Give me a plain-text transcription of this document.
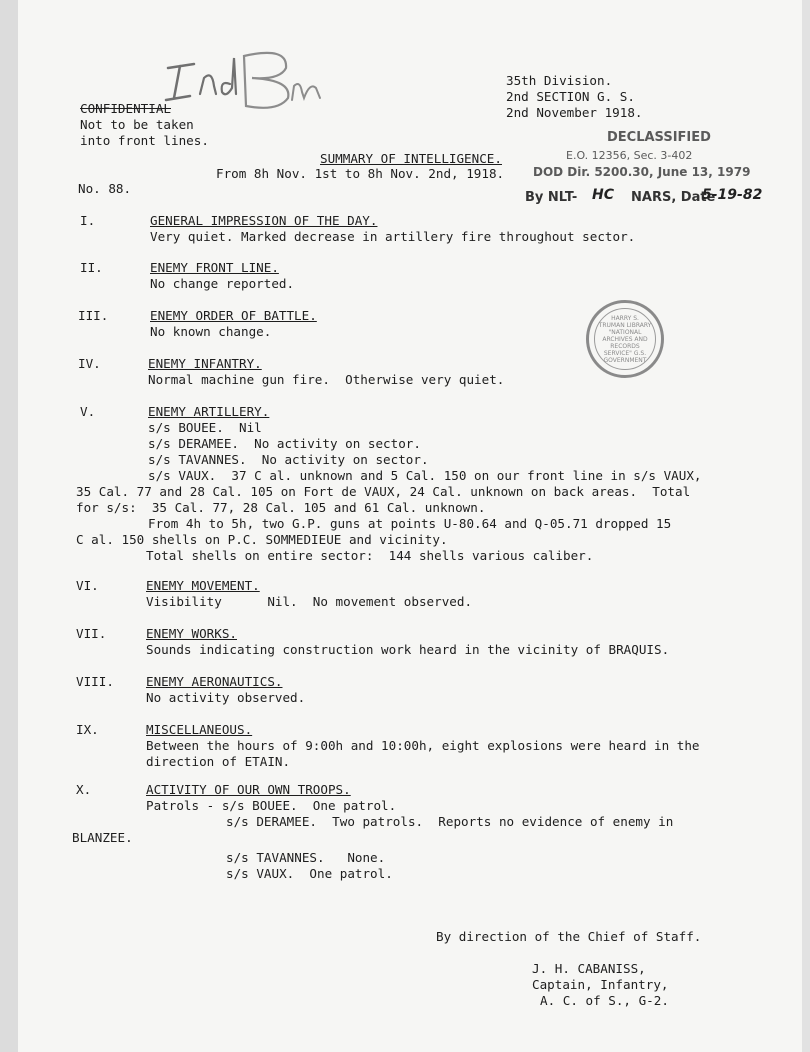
2nd Bn
35th Division.
2nd SECTION G. S.
2nd November 1918.
CONFIDENTIAL
Not to be taken
into front lines.	DECLASSIFIED
E.O. 12356, Sec. 3-402
DOD Dir. 5200.30, June 13, 1979
By NLT- HC NARS, Date
5-19-82
SUMMARY OF INTELLIGENCE.
From 8h Nov. 1st to 8h Nov. 2nd, 1918.
No. 88.
HARRY S. TRUMAN LIBRARY "NATIONAL ARCHIVES AND RECORDS SERVICE" G.S. GOVERNMENT
I.	GENERAL IMPRESSION OF THE DAY.
Very quiet. Marked decrease in artillery fire throughout sector.
II.	ENEMY FRONT LINE.
No change reported.
III.	ENEMY ORDER OF BATTLE.
No known change.
IV.	ENEMY INFANTRY.
Normal machine gun fire.  Otherwise very quiet.
V.	ENEMY ARTILLERY.
s/s BOUEE.  Nil
s/s DERAMEE.  No activity on sector.
s/s TAVANNES.  No activity on sector.
s/s VAUX.  37 C al. unknown and 5 Cal. 150 on our front line in s/s VAUX,
35 Cal. 77 and 28 Cal. 105 on Fort de VAUX, 24 Cal. unknown on back areas.  Total
for s/s:  35 Cal. 77, 28 Cal. 105 and 61 Cal. unknown.
From 4h to 5h, two G.P. guns at points U-80.64 and Q-05.71 dropped 15
C al. 150 shells on P.C. SOMMEDIEUE and vicinity.
Total shells on entire sector:  144 shells various caliber.
VI.	ENEMY MOVEMENT.
Visibility      Nil.  No movement observed.
VII.	ENEMY WORKS.
Sounds indicating construction work heard in the vicinity of BRAQUIS.
VIII.	ENEMY AERONAUTICS.
No activity observed.
IX.	MISCELLANEOUS.
Between the hours of 9:00h and 10:00h, eight explosions were heard in the
direction of ETAIN.
X.	ACTIVITY OF OUR OWN TROOPS.
Patrols - s/s BOUEE.  One patrol.
s/s DERAMEE.  Two patrols.  Reports no evidence of enemy in
BLANZEE.
s/s TAVANNES.   None.
s/s VAUX.  One patrol.
By direction of the Chief of Staff.
J. H. CABANISS,
Captain, Infantry,
A. C. of S., G-2.
